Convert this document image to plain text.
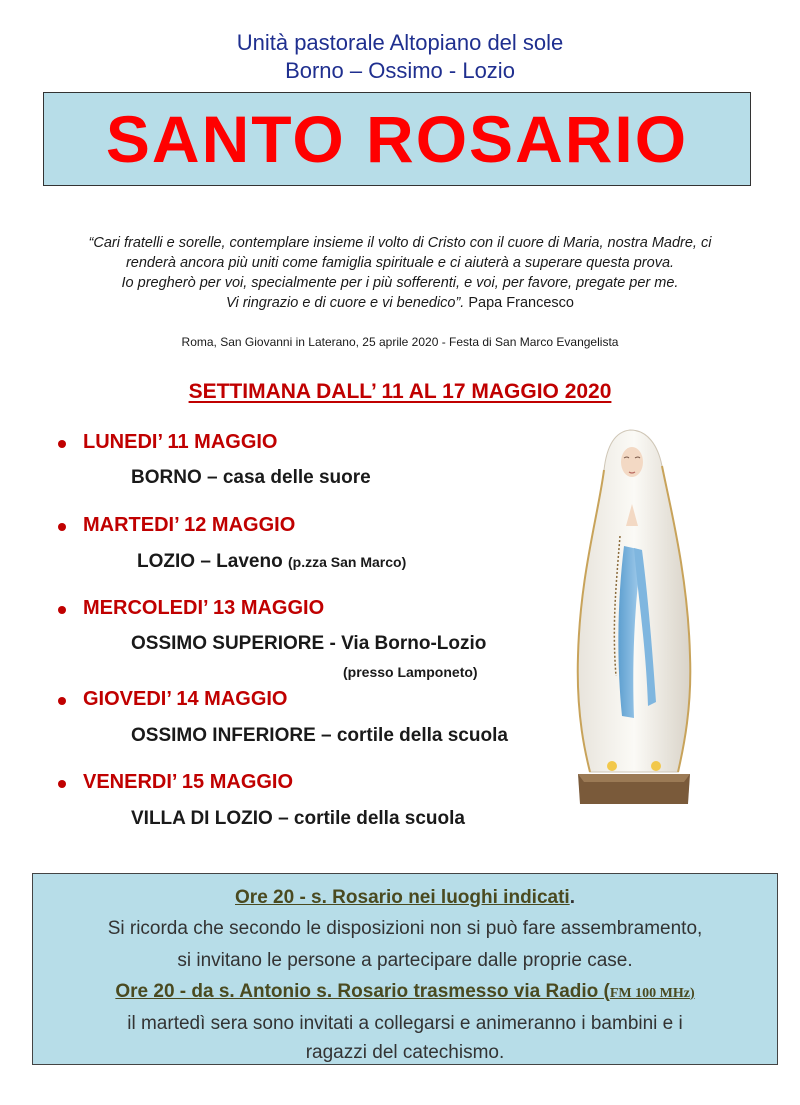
Unità pastorale Altopiano del sole
Borno – Ossimo - Lozio
SANTO ROSARIO
“Cari fratelli e sorelle, contemplare insieme il volto di Cristo con il cuore di Maria, nostra Madre, ci
renderà ancora più uniti come famiglia spirituale e ci aiuterà a superare questa prova.
Io pregherò per voi, specialmente per i più sofferenti, e voi, per favore, pregate per me.
Vi ringrazio e di cuore e vi benedico”. Papa Francesco
Roma, San Giovanni in Laterano, 25 aprile 2020 - Festa di San Marco Evangelista
SETTIMANA DALL’ 11 AL 17 MAGGIO 2020
LUNEDI’ 11 MAGGIO
BORNO – casa delle suore
MARTEDI’ 12 MAGGIO
LOZIO – Laveno (p.zza San Marco)
MERCOLEDI’ 13 MAGGIO
OSSIMO SUPERIORE - Via Borno-Lozio
(presso Lamponeto)
GIOVEDI’ 14 MAGGIO
OSSIMO INFERIORE – cortile della scuola
VENERDI’ 15 MAGGIO
VILLA DI LOZIO – cortile della scuola
Ore 20 - s. Rosario nei luoghi indicati.
Si ricorda che secondo le disposizioni non si può fare assembramento,
si invitano le persone a partecipare dalle proprie case.
Ore 20 - da s. Antonio s. Rosario trasmesso via Radio (FM 100 MHz)
il martedì sera sono invitati a collegarsi e animeranno i bambini e i
ragazzi del catechismo.
